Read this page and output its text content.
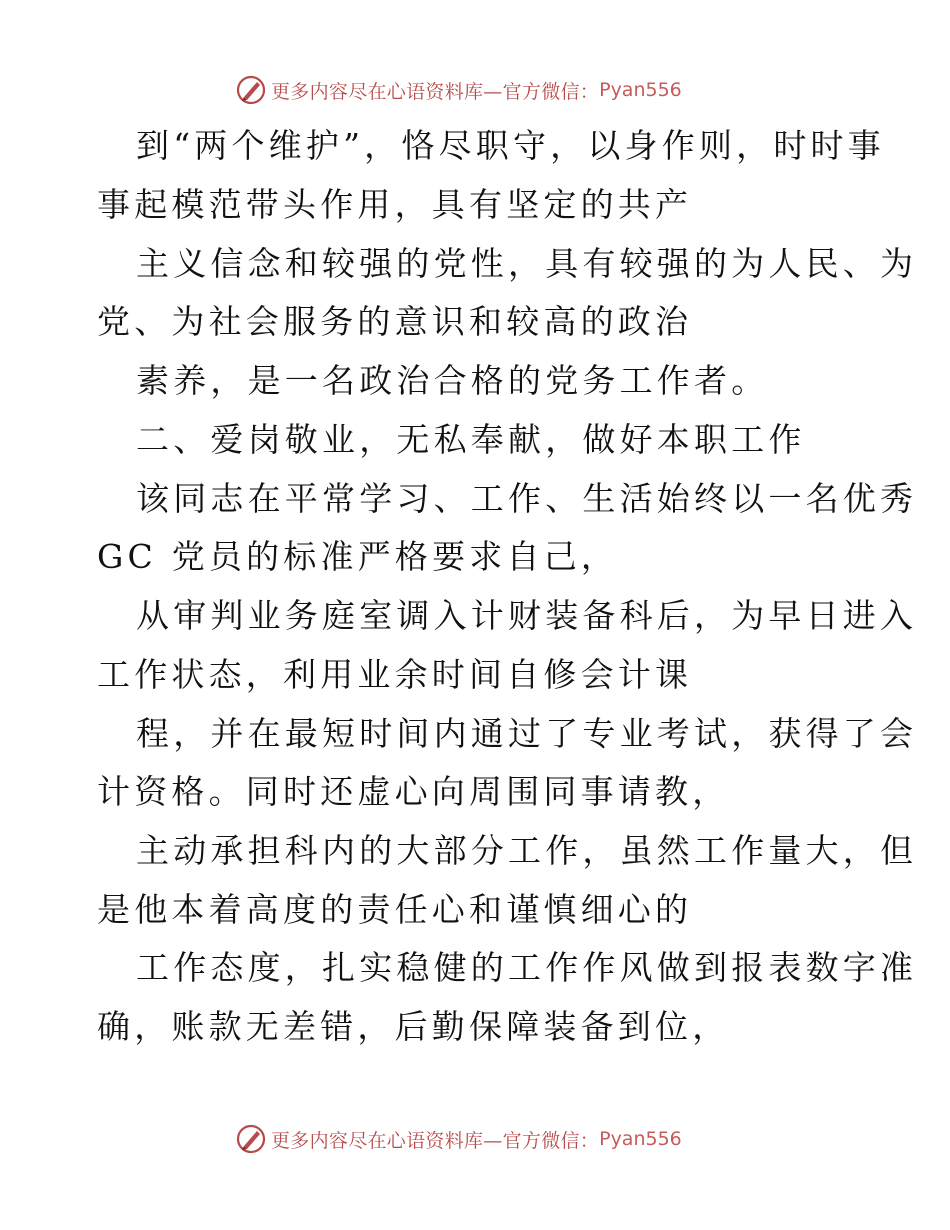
更多内容尽在心语资料库—官方微信： Pyan556
到“两个维护”，恪尽职守，以身作则，时时事
事起模范带头作用，具有坚定的共产
主义信念和较强的党性，具有较强的为人民、为
党、为社会服务的意识和较高的政治
素养，是一名政治合格的党务工作者。
二、爱岗敬业，无私奉献，做好本职工作
该同志在平常学习、工作、生活始终以一名优秀
GC 党员的标准严格要求自己，
从审判业务庭室调入计财装备科后，为早日进入
工作状态，利用业余时间自修会计课
程，并在最短时间内通过了专业考试，获得了会
计资格。同时还虚心向周围同事请教，
主动承担科内的大部分工作，虽然工作量大，但
是他本着高度的责任心和谨慎细心的
工作态度，扎实稳健的工作作风做到报表数字准
确，账款无差错，后勤保障装备到位，
更多内容尽在心语资料库—官方微信： Pyan556
